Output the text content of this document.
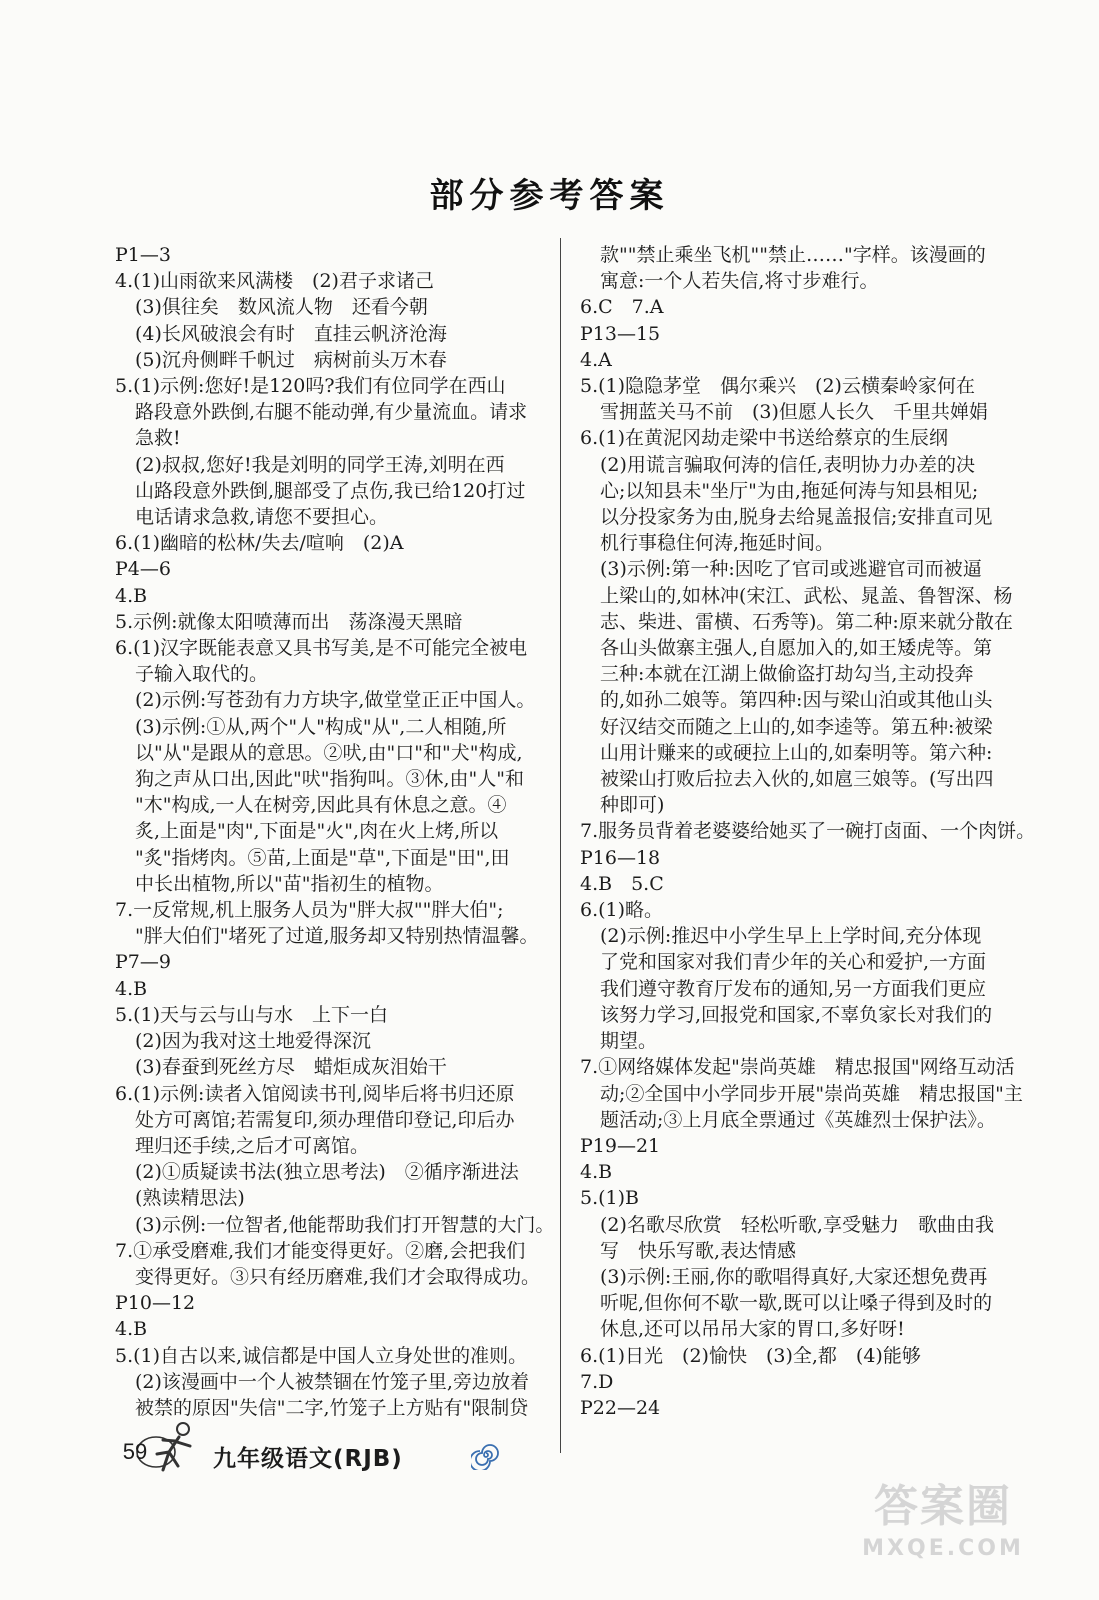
部分参考答案
P1—3
4.(1)山雨欲来风满楼　(2)君子求诸己
(3)俱往矣　数风流人物　还看今朝
(4)长风破浪会有时　直挂云帆济沧海
(5)沉舟侧畔千帆过　病树前头万木春
5.(1)示例:您好!是120吗?我们有位同学在西山
路段意外跌倒,右腿不能动弹,有少量流血。请求
急救!
(2)叔叔,您好!我是刘明的同学王涛,刘明在西
山路段意外跌倒,腿部受了点伤,我已给120打过
电话请求急救,请您不要担心。
6.(1)幽暗的松林/失去/喧响　(2)A
P4—6
4.B
5.示例:就像太阳喷薄而出　荡涤漫天黑暗
6.(1)汉字既能表意又具书写美,是不可能完全被电
子输入取代的。
(2)示例:写苍劲有力方块字,做堂堂正正中国人。
(3)示例:①从,两个"人"构成"从",二人相随,所
以"从"是跟从的意思。②吠,由"口"和"犬"构成,
狗之声从口出,因此"吠"指狗叫。③休,由"人"和
"木"构成,一人在树旁,因此具有休息之意。④
炙,上面是"肉",下面是"火",肉在火上烤,所以
"炙"指烤肉。⑤苗,上面是"草",下面是"田",田
中长出植物,所以"苗"指初生的植物。
7.一反常规,机上服务人员为"胖大叔""胖大伯";
"胖大伯们"堵死了过道,服务却又特别热情温馨。
P7—9
4.B
5.(1)天与云与山与水　上下一白
(2)因为我对这土地爱得深沉
(3)春蚕到死丝方尽　蜡炬成灰泪始干
6.(1)示例:读者入馆阅读书刊,阅毕后将书归还原
处方可离馆;若需复印,须办理借印登记,印后办
理归还手续,之后才可离馆。
(2)①质疑读书法(独立思考法)　②循序渐进法
(熟读精思法)
(3)示例:一位智者,他能帮助我们打开智慧的大门。
7.①承受磨难,我们才能变得更好。②磨,会把我们
变得更好。③只有经历磨难,我们才会取得成功。
P10—12
4.B
5.(1)自古以来,诚信都是中国人立身处世的准则。
(2)该漫画中一个人被禁锢在竹笼子里,旁边放着
被禁的原因"失信"二字,竹笼子上方贴有"限制贷
款""禁止乘坐飞机""禁止……"字样。该漫画的
寓意:一个人若失信,将寸步难行。
6.C　7.A
P13—15
4.A
5.(1)隐隐茅堂　偶尔乘兴　(2)云横秦岭家何在
雪拥蓝关马不前　(3)但愿人长久　千里共婵娟
6.(1)在黄泥冈劫走梁中书送给蔡京的生辰纲
(2)用谎言骗取何涛的信任,表明协力办差的决
心;以知县未"坐厅"为由,拖延何涛与知县相见;
以分投家务为由,脱身去给晁盖报信;安排直司见
机行事稳住何涛,拖延时间。
(3)示例:第一种:因吃了官司或逃避官司而被逼
上梁山的,如林冲(宋江、武松、晁盖、鲁智深、杨
志、柴进、雷横、石秀等)。第二种:原来就分散在
各山头做寨主强人,自愿加入的,如王矮虎等。第
三种:本就在江湖上做偷盗打劫勾当,主动投奔
的,如孙二娘等。第四种:因与梁山泊或其他山头
好汉结交而随之上山的,如李逵等。第五种:被梁
山用计赚来的或硬拉上山的,如秦明等。第六种:
被梁山打败后拉去入伙的,如扈三娘等。(写出四
种即可)
7.服务员背着老婆婆给她买了一碗打卤面、一个肉饼。
P16—18
4.B　5.C
6.(1)略。
(2)示例:推迟中小学生早上上学时间,充分体现
了党和国家对我们青少年的关心和爱护,一方面
我们遵守教育厅发布的通知,另一方面我们更应
该努力学习,回报党和国家,不辜负家长对我们的
期望。
7.①网络媒体发起"崇尚英雄　精忠报国"网络互动活
动;②全国中小学同步开展"崇尚英雄　精忠报国"主
题活动;③上月底全票通过《英雄烈士保护法》。
P19—21
4.B
5.(1)B
(2)名歌尽欣赏　轻松听歌,享受魅力　歌曲由我
写　快乐写歌,表达情感
(3)示例:王丽,你的歌唱得真好,大家还想免费再
听呢,但你何不歇一歇,既可以让嗓子得到及时的
休息,还可以吊吊大家的胃口,多好呀!
6.(1)日光　(2)愉快　(3)全,都　(4)能够
7.D
P22—24
59	九年级语文(RJB)
答案圈
MXQE.COM
